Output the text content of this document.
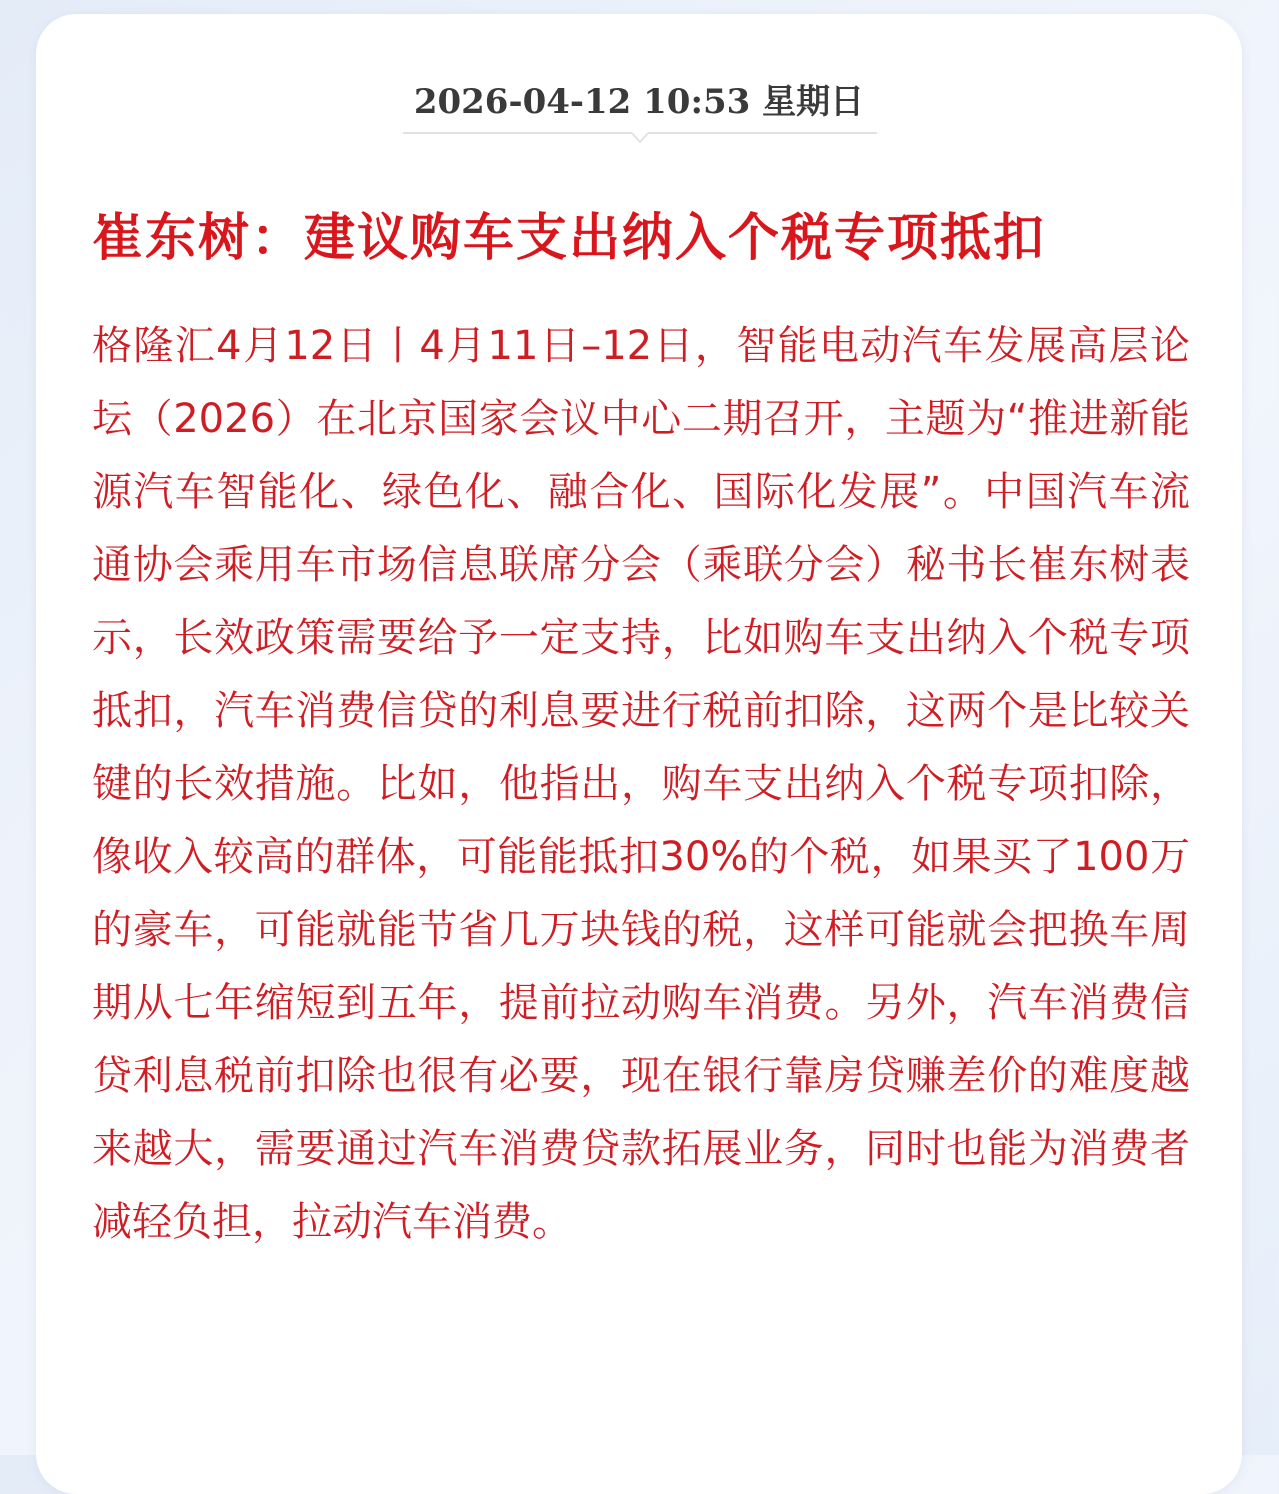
2026-04-12 10:53 星期日
崔东树：建议购车支出纳入个税专项抵扣
格隆汇4月12日丨4月11日–12日，智能电动汽车发展高层论坛（2026）在北京国家会议中心二期召开，主题为“推进新能源汽车智能化、绿色化、融合化、国际化发展”。中国汽车流通协会乘用车市场信息联席分会（乘联分会）秘书长崔东树表示，长效政策需要给予一定支持，比如购车支出纳入个税专项抵扣，汽车消费信贷的利息要进行税前扣除，这两个是比较关键的长效措施。比如，他指出，购车支出纳入个税专项扣除，像收入较高的群体，可能能抵扣30%的个税，如果买了100万的豪车，可能就能节省几万块钱的税，这样可能就会把换车周期从七年缩短到五年，提前拉动购车消费。另外，汽车消费信贷利息税前扣除也很有必要，现在银行靠房贷赚差价的难度越来越大，需要通过汽车消费贷款拓展业务，同时也能为消费者减轻负担，拉动汽车消费。
